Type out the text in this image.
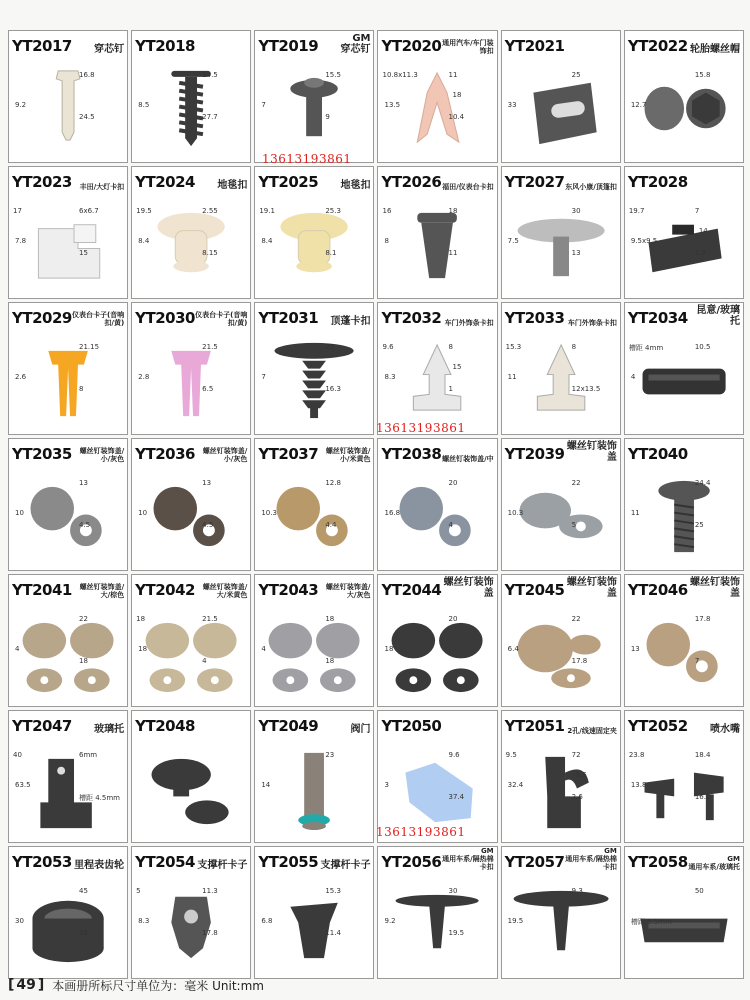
YT2017 穿芯钉
16.8
9.2
24.5
YT2018
14.5
8.5
27.7
YT2019	GM
穿芯钉
15.5
7
9
YT2020 通用汽车/车门装饰扣
11
13.5
10.4
10.8x11.3
18
YT2021
25
33
YT2022 轮胎螺丝帽
15.8
12.7
YT2023 丰田/大灯卡扣
6x6.7
7.8
15
17
YT2024 地毯扣
2.55
8.4
8.15
19.5
YT2025 地毯扣
25.3
8.4
8.1
19.1
YT2026 福田/仪表台卡扣
18
8
11
16
YT2027 东风小康/顶篷扣
30
7.5
13
YT2028
7
9.5x9.5
2.8
19.7
14
YT2029 仪表台卡子(音响扣/黄)
21.15
2.6
8
YT2030 仪表台卡子(音响扣/黄)
21.5
2.8
6.5
YT2031 顶蓬卡扣
25
7
16.3
YT2032 车门外饰条卡扣
8
8.3
1
9.6
15
YT2033 车门外饰条卡扣
8
11
12x13.5
15.3
YT2034 昆意/玻璃托
10.5
4
40
槽距 4mm
YT2035	螺丝钉装饰盖/小/灰色
13
10
4.5
YT2036	螺丝钉装饰盖/小/灰色
13
10
4.5
YT2037	螺丝钉装饰盖/小/米黄色
12.8
10.3
4.4
YT2038 螺丝钉装饰盖/中
20
16.8
4
YT2039 螺丝钉装饰盖
22
10.3
5
YT2040
24.4
11
25
YT2041	螺丝钉装饰盖/大/棕色
22
4
18
YT2042	螺丝钉装饰盖/大/米黄色
21.5
18
4
18
YT2043	螺丝钉装饰盖/大/灰色
18
4
18
YT2044 螺丝钉装饰盖
20
18
YT2045 螺丝钉装饰盖
22
6.4
17.8
YT2046 螺丝钉装饰盖
17.8
13
7
YT2047 玻璃托
6mm
63.5
槽距 4.5mm
40
YT2048	YT2049	阀门
23
14
YT2050
9.6
3
37.4
YT2051 2孔/线速固定夹
72
32.4
2.6
9.5
9.5
YT2052 喷水嘴
18.4
13.8
16.2
23.8
YT2053 里程表齿轮
45
30
15
YT2054 支撑杆卡子
11.3
8.3
17.8
5
YT2055 支撑杆卡子
15.3
6.8
11.4
YT2056
GM
通用车系/隔热棉卡扣
30
9.2
19.5
YT2057
GM
通用车系/隔热棉卡扣
9.3
19.5
YT2058	GM
通用车系/玻璃托
50
槽距 5.5mm
13613193861
13613193861
13613193861
[ 49 ]	本画册所标尺寸单位为：毫米 Unit:mm
